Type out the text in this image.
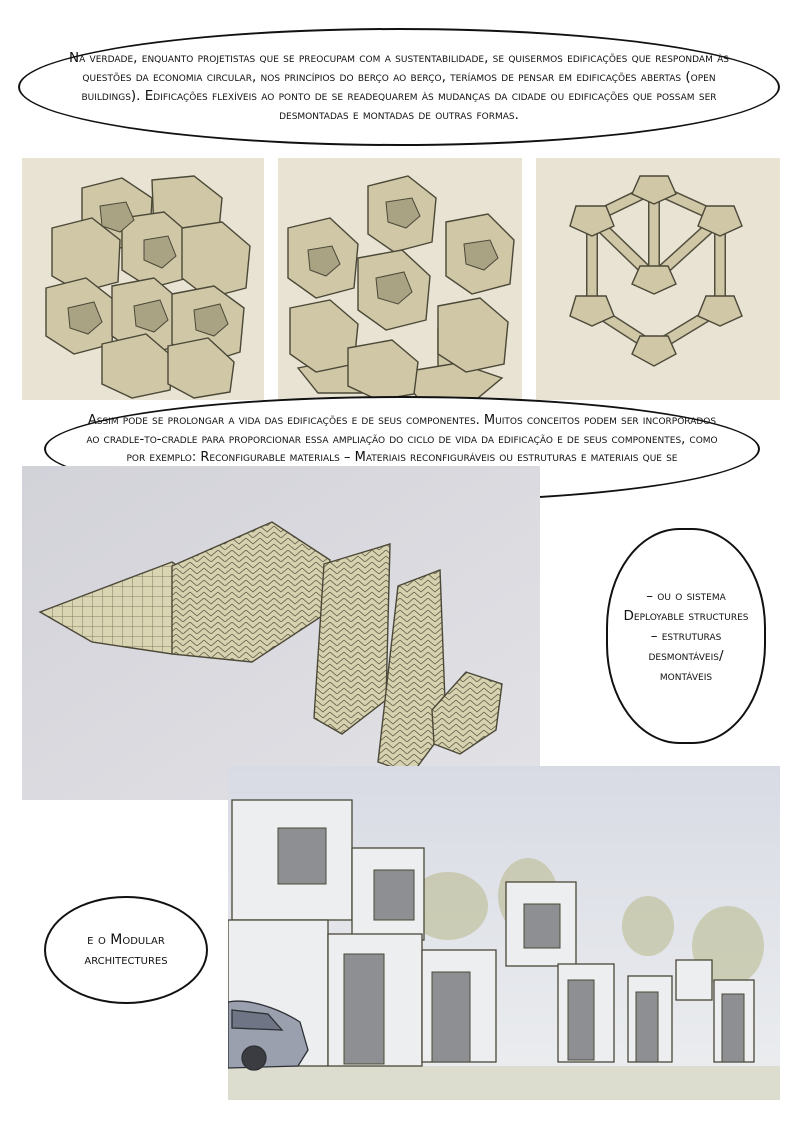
Na verdade, enquanto projetistas que se preocupam com a sustentabilidade, se quisermos edificações que respondam às questões da economia circular, nos princípios do berço ao berço, teríamos de pensar em edificações abertas (open buildings). Edificações flexíveis ao ponto de se readequarem às mudanças da cidade ou edificações que possam ser desmontadas e montadas de outras formas.
Assim pode se prolongar a vida das edificações e de seus componentes. Muitos conceitos podem ser incorporados ao cradle-to-cradle para proporcionar essa ampliação do ciclo de vida da edificação e de seus componentes, como por exemplo: Reconfigurable materials – Materiais reconfiguráveis ou estruturas e materiais que se
– ou o sistema Deployable structures – estruturas desmontáveis/ montáveis
e o Modular architectures
